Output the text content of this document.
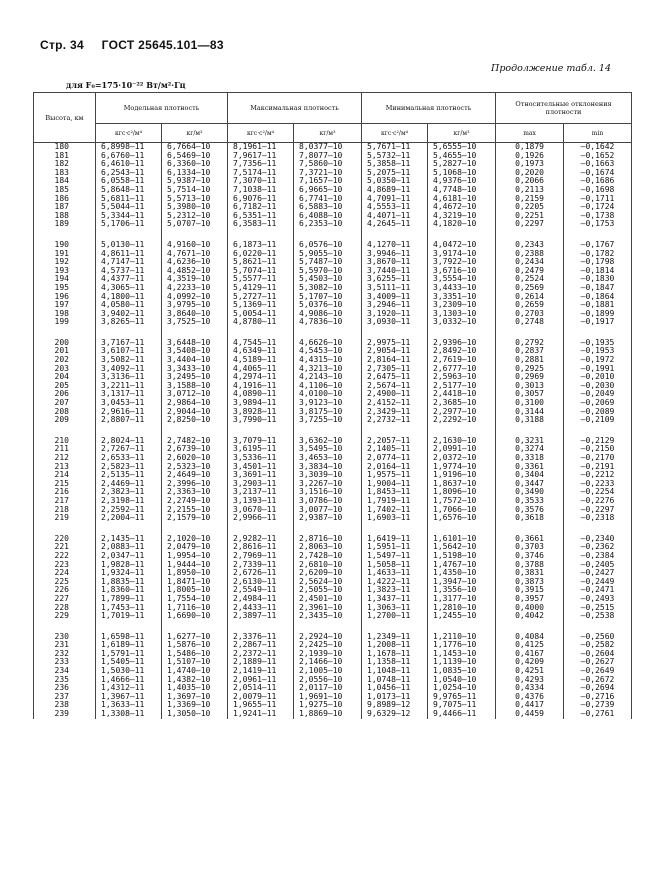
Стр. 34 ГОСТ 25645.101—83
Продолжение табл. 14
для F₀=175·10⁻²² Вт/м²·Гц
Высота, км	Модельная плотность		Максимальная плотность		Минимальная плотность		Относительные отклонения плотности	
	кгс·с²/м⁴	кг/м³	кгс·с²/м⁴	кг/м³	кгс·с²/м⁴	кг/м³	max	min
180	6,8998—11	6,7664—10	8,1961—11	8,0377—10	5,7671—11	5,6555—10	0,1879	—0,1642
181	6,6760—11	6,5469—10	7,9617—11	7,8077—10	5,5732—11	5,4655—10	0,1926	—0,1652
182	6,4610—11	6,3360—10	7,7356—11	7,5860—10	5,3858—11	5,2827—10	0,1973	—0,1663
183	6,2543—11	6,1334—10	7,5174—11	7,3721—10	5,2075—11	5,1068—10	0,2020	—0,1674
184	6,0558—11	5,9387—10	7,3070—11	7,1657—10	5,0350—11	4,9376—10	0,2066	—0,1686
185	5,8648—11	5,7514—10	7,1038—11	6,9665—10	4,8689—11	4,7748—10	0,2113	—0,1698
186	5,6811—11	5,5713—10	6,9076—11	6,7741—10	4,7091—11	4,6181—10	0,2159	—0,1711
187	5,5044—11	5,3980—10	6,7182—11	6,5883—10	4,5553—11	4,4672—10	0,2205	—0,1724
188	5,3344—11	5,2312—10	6,5351—11	6,4088—10	4,4071—11	4,3219—10	0,2251	—0,1738
189	5,1706—11	5,0707—10	6,3583—11	6,2353—10	4,2645—11	4,1820—10	0,2297	—0,1753
190	5,0130—11	4,9160—10	6,1873—11	6,0576—10	4,1270—11	4,0472—10	0,2343	—0,1767
191	4,8611—11	4,7671—10	6,0220—11	5,9055—10	3,9946—11	3,9174—10	0,2388	—0,1782
192	4,7147—11	4,6236—10	5,8621—11	5,7487—10	3,8670—11	3,7922—10	0,2434	—0,1798
193	4,5737—11	4,4852—10	5,7074—11	5,5970—10	3,7440—11	3,6716—10	0,2479	—0,1814
194	4,4377—11	4,3519—10	5,5577—11	5,4503—10	3,6255—11	3,5554—10	0,2524	—0,1830
195	4,3065—11	4,2233—10	5,4129—11	5,3082—10	3,5111—11	3,4433—10	0,2569	—0,1847
196	4,1800—11	4,0992—10	5,2727—11	5,1707—10	3,4009—11	3,3351—10	0,2614	—0,1864
197	4,0580—11	3,9795—10	5,1369—11	5,0376—10	3,2946—11	3,2309—10	0,2659	—0,1881
198	3,9402—11	3,8640—10	5,0054—11	4,9086—10	3,1920—11	3,1303—10	0,2703	—0,1899
199	3,8265—11	3,7525—10	4,8780—11	4,7836—10	3,0930—11	3,0332—10	0,2748	—0,1917
200	3,7167—11	3,6448—10	4,7545—11	4,6626—10	2,9975—11	2,9396—10	0,2792	—0,1935
201	3,6107—11	3,5408—10	4,6349—11	4,5453—10	2,9054—11	2,8492—10	0,2837	—0,1953
202	3,5082—11	3,4404—10	4,5189—11	4,4315—10	2,8164—11	2,7619—10	0,2881	—0,1972
203	3,4092—11	3,3433—10	4,4065—11	4,3213—10	2,7305—11	2,6777—10	0,2925	—0,1991
204	3,3136—11	3,2495—10	4,2974—11	4,2143—10	2,6475—11	2,5963—10	0,2969	—0,2010
205	3,2211—11	3,1588—10	4,1916—11	4,1106—10	2,5674—11	2,5177—10	0,3013	—0,2030
206	3,1317—11	3,0712—10	4,0890—11	4,0100—10	2,4900—11	2,4418—10	0,3057	—0,2049
207	3,0453—11	2,9864—10	3,9894—11	3,9123—10	2,4152—11	2,3685—10	0,3100	—0,2069
208	2,9616—11	2,9044—10	3,8928—11	3,8175—10	2,3429—11	2,2977—10	0,3144	—0,2089
209	2,8807—11	2,8250—10	3,7990—11	3,7255—10	2,2732—11	2,2292—10	0,3188	—0,2109
210	2,8024—11	2,7482—10	3,7079—11	3,6362—10	2,2057—11	2,1630—10	0,3231	—0,2129
211	2,7267—11	2,6739—10	3,6195—11	3,5495—10	2,1405—11	2,0991—10	0,3274	—0,2150
212	2,6533—11	2,6020—10	3,5336—11	3,4653—10	2,0774—11	2,0372—10	0,3318	—0,2170
213	2,5823—11	2,5323—10	3,4501—11	3,3834—10	2,0164—11	1,9774—10	0,3361	—0,2191
214	2,5135—11	2,4649—10	3,3691—11	3,3039—10	1,9575—11	1,9196—10	0,3404	—0,2212
215	2,4469—11	2,3996—10	3,2903—11	3,2267—10	1,9004—11	1,8637—10	0,3447	—0,2233
216	2,3823—11	2,3363—10	3,2137—11	3,1516—10	1,8453—11	1,8096—10	0,3490	—0,2254
217	2,3198—11	2,2749—10	3,1393—11	3,0786—10	1,7919—11	1,7572—10	0,3533	—0,2276
218	2,2592—11	2,2155—10	3,0670—11	3,0077—10	1,7402—11	1,7066—10	0,3576	—0,2297
219	2,2004—11	2,1579—10	2,9966—11	2,9387—10	1,6903—11	1,6576—10	0,3618	—0,2318
220	2,1435—11	2,1020—10	2,9282—11	2,8716—10	1,6419—11	1,6101—10	0,3661	—0,2340
221	2,0883—11	2,0479—10	2,8616—11	2,8063—10	1,5951—11	1,5642—10	0,3703	—0,2362
222	2,0347—11	1,9954—10	2,7969—11	2,7428—10	1,5497—11	1,5198—10	0,3746	—0,2384
223	1,9828—11	1,9444—10	2,7339—11	2,6810—10	1,5058—11	1,4767—10	0,3788	—0,2405
224	1,9324—11	1,8950—10	2,6726—11	2,6209—10	1,4633—11	1,4350—10	0,3831	—0,2427
225	1,8835—11	1,8471—10	2,6130—11	2,5624—10	1,4222—11	1,3947—10	0,3873	—0,2449
226	1,8360—11	1,8005—10	2,5549—11	2,5055—10	1,3823—11	1,3556—10	0,3915	—0,2471
227	1,7899—11	1,7554—10	2,4984—11	2,4501—10	1,3437—11	1,3177—10	0,3957	—0,2493
228	1,7453—11	1,7116—10	2,4433—11	2,3961—10	1,3063—11	1,2810—10	0,4000	—0,2515
229	1,7019—11	1,6690—10	2,3897—11	2,3435—10	1,2700—11	1,2455—10	0,4042	—0,2538
230	1,6598—11	1,6277—10	2,3376—11	2,2924—10	1,2349—11	1,2110—10	0,4084	—0,2560
231	1,6189—11	1,5876—10	2,2867—11	2,2425—10	1,2008—11	1,1776—10	0,4125	—0,2582
232	1,5791—11	1,5486—10	2,2372—11	2,1939—10	1,1678—11	1,1453—10	0,4167	—0,2604
233	1,5405—11	1,5107—10	2,1889—11	2,1466—10	1,1358—11	1,1139—10	0,4209	—0,2627
234	1,5030—11	1,4740—10	2,1419—11	2,1005—10	1,1048—11	1,0835—10	0,4251	—0,2649
235	1,4666—11	1,4382—10	2,0961—11	2,0556—10	1,0748—11	1,0540—10	0,4293	—0,2672
236	1,4312—11	1,4035—10	2,0514—11	2,0117—10	1,0456—11	1,0254—10	0,4334	—0,2694
237	1,3967—11	1,3697—10	2,0079—11	1,9691—10	1,0173—11	9,9765—11	0,4376	—0,2716
238	1,3633—11	1,3369—10	1,9655—11	1,9275—10	9,8989—12	9,7075—11	0,4417	—0,2739
239	1,3308—11	1,3050—10	1,9241—11	1,8869—10	9,6329—12	9,4466—11	0,4459	—0,2761
